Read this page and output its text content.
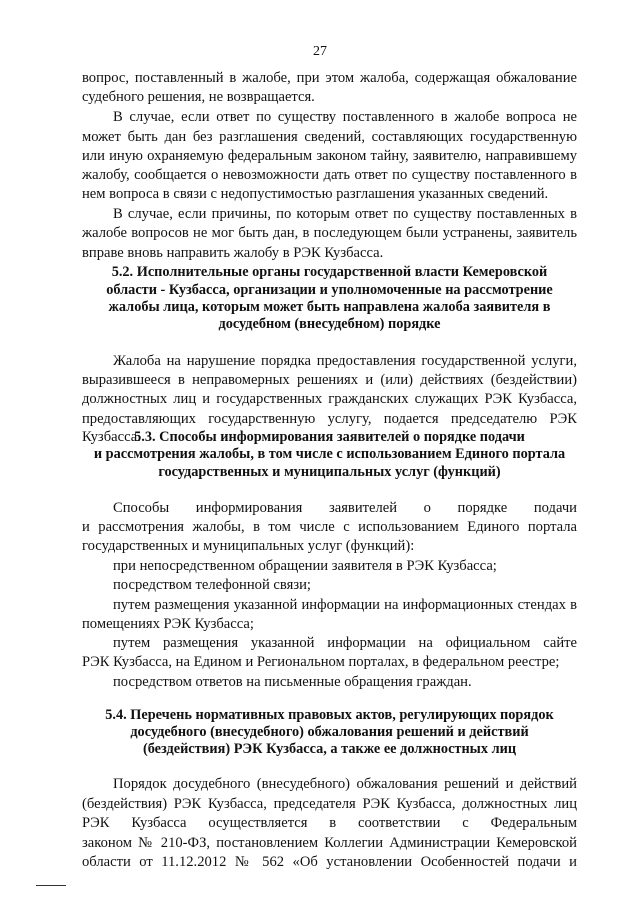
27
вопрос, поставленный в жалобе, при этом жалоба, содержащая обжалование
судебного решения, не возвращается.
В случае, если ответ по существу поставленного в жалобе вопроса не
может быть дан без разглашения сведений, составляющих государственную
или иную охраняемую федеральным законом тайну, заявителю, направившему
жалобу, сообщается о невозможности дать ответ по существу поставленного в
нем вопроса в связи с недопустимостью разглашения указанных сведений.
В случае, если причины, по которым ответ по существу поставленных в
жалобе вопросов не мог быть дан, в последующем были устранены, заявитель
вправе вновь направить жалобу в РЭК Кузбасса.
5.2. Исполнительные органы государственной власти Кемеровской
области - Кузбасса, организации и уполномоченные на рассмотрение
жалобы лица, которым может быть направлена жалоба заявителя в
досудебном (внесудебном) порядке
Жалоба на нарушение порядка предоставления государственной услуги,
выразившееся в неправомерных решениях и (или) действиях (бездействии)
должностных лиц и государственных гражданских служащих РЭК Кузбасса,
предоставляющих государственную услугу, подается председателю РЭК
Кузбасса.
5.3. Способы информирования заявителей о порядке подачи
и рассмотрения жалобы, в том числе с использованием Единого портала
государственных и муниципальных услуг (функций)
Способы информирования заявителей о порядке подачи
и рассмотрения жалобы, в том числе с использованием Единого портала
государственных и муниципальных услуг (функций):
при непосредственном обращении заявителя в РЭК Кузбасса;
посредством телефонной связи;
путем размещения указанной информации на информационных стендах в
помещениях РЭК Кузбасса;
путем размещения указанной информации на официальном сайте
РЭК Кузбасса, на Едином и Региональном порталах, в федеральном реестре;
посредством ответов на письменные обращения граждан.
5.4. Перечень нормативных правовых актов, регулирующих порядок
досудебного (внесудебного) обжалования решений и действий
(бездействия) РЭК Кузбасса, а также ее должностных лиц
Порядок досудебного (внесудебного) обжалования решений и действий
(бездействия) РЭК Кузбасса, председателя РЭК Кузбасса, должностных лиц
РЭК Кузбасса осуществляется в соответствии с Федеральным
законом № 210-ФЗ, постановлением Коллегии Администрации Кемеровской
области от 11.12.2012 № 562 «Об установлении Особенностей подачи и
